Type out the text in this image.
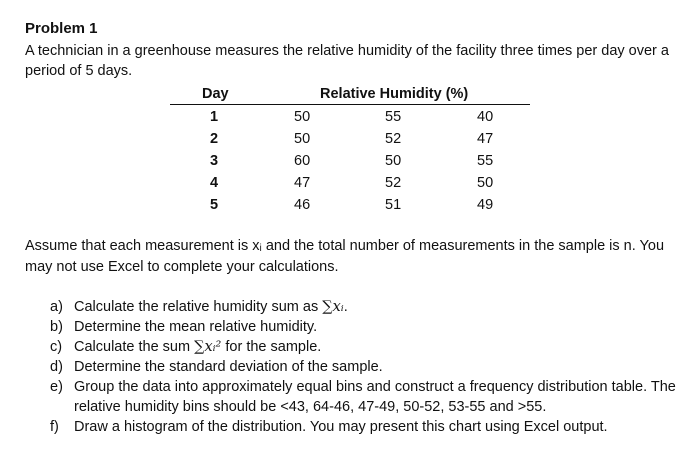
Problem 1
A technician in a greenhouse measures the relative humidity of the facility three times per day over a period of 5 days.
Day	Relative Humidity (%)
1	50	55	40
2	50	52	47
3	60	50	55
4	47	52	50
5	46	51	49
Assume that each measurement is xᵢ and the total number of measurements in the sample is n. You may not use Excel to complete your calculations.
a) Calculate the relative humidity sum as ∑xᵢ.
b) Determine the mean relative humidity.
c) Calculate the sum ∑xᵢ² for the sample.
d) Determine the standard deviation of the sample.
e) Group the data into approximately equal bins and construct a frequency distribution table. The relative humidity bins should be <43, 64-46, 47-49, 50-52, 53-55 and >55.
f) Draw a histogram of the distribution. You may present this chart using Excel output.
